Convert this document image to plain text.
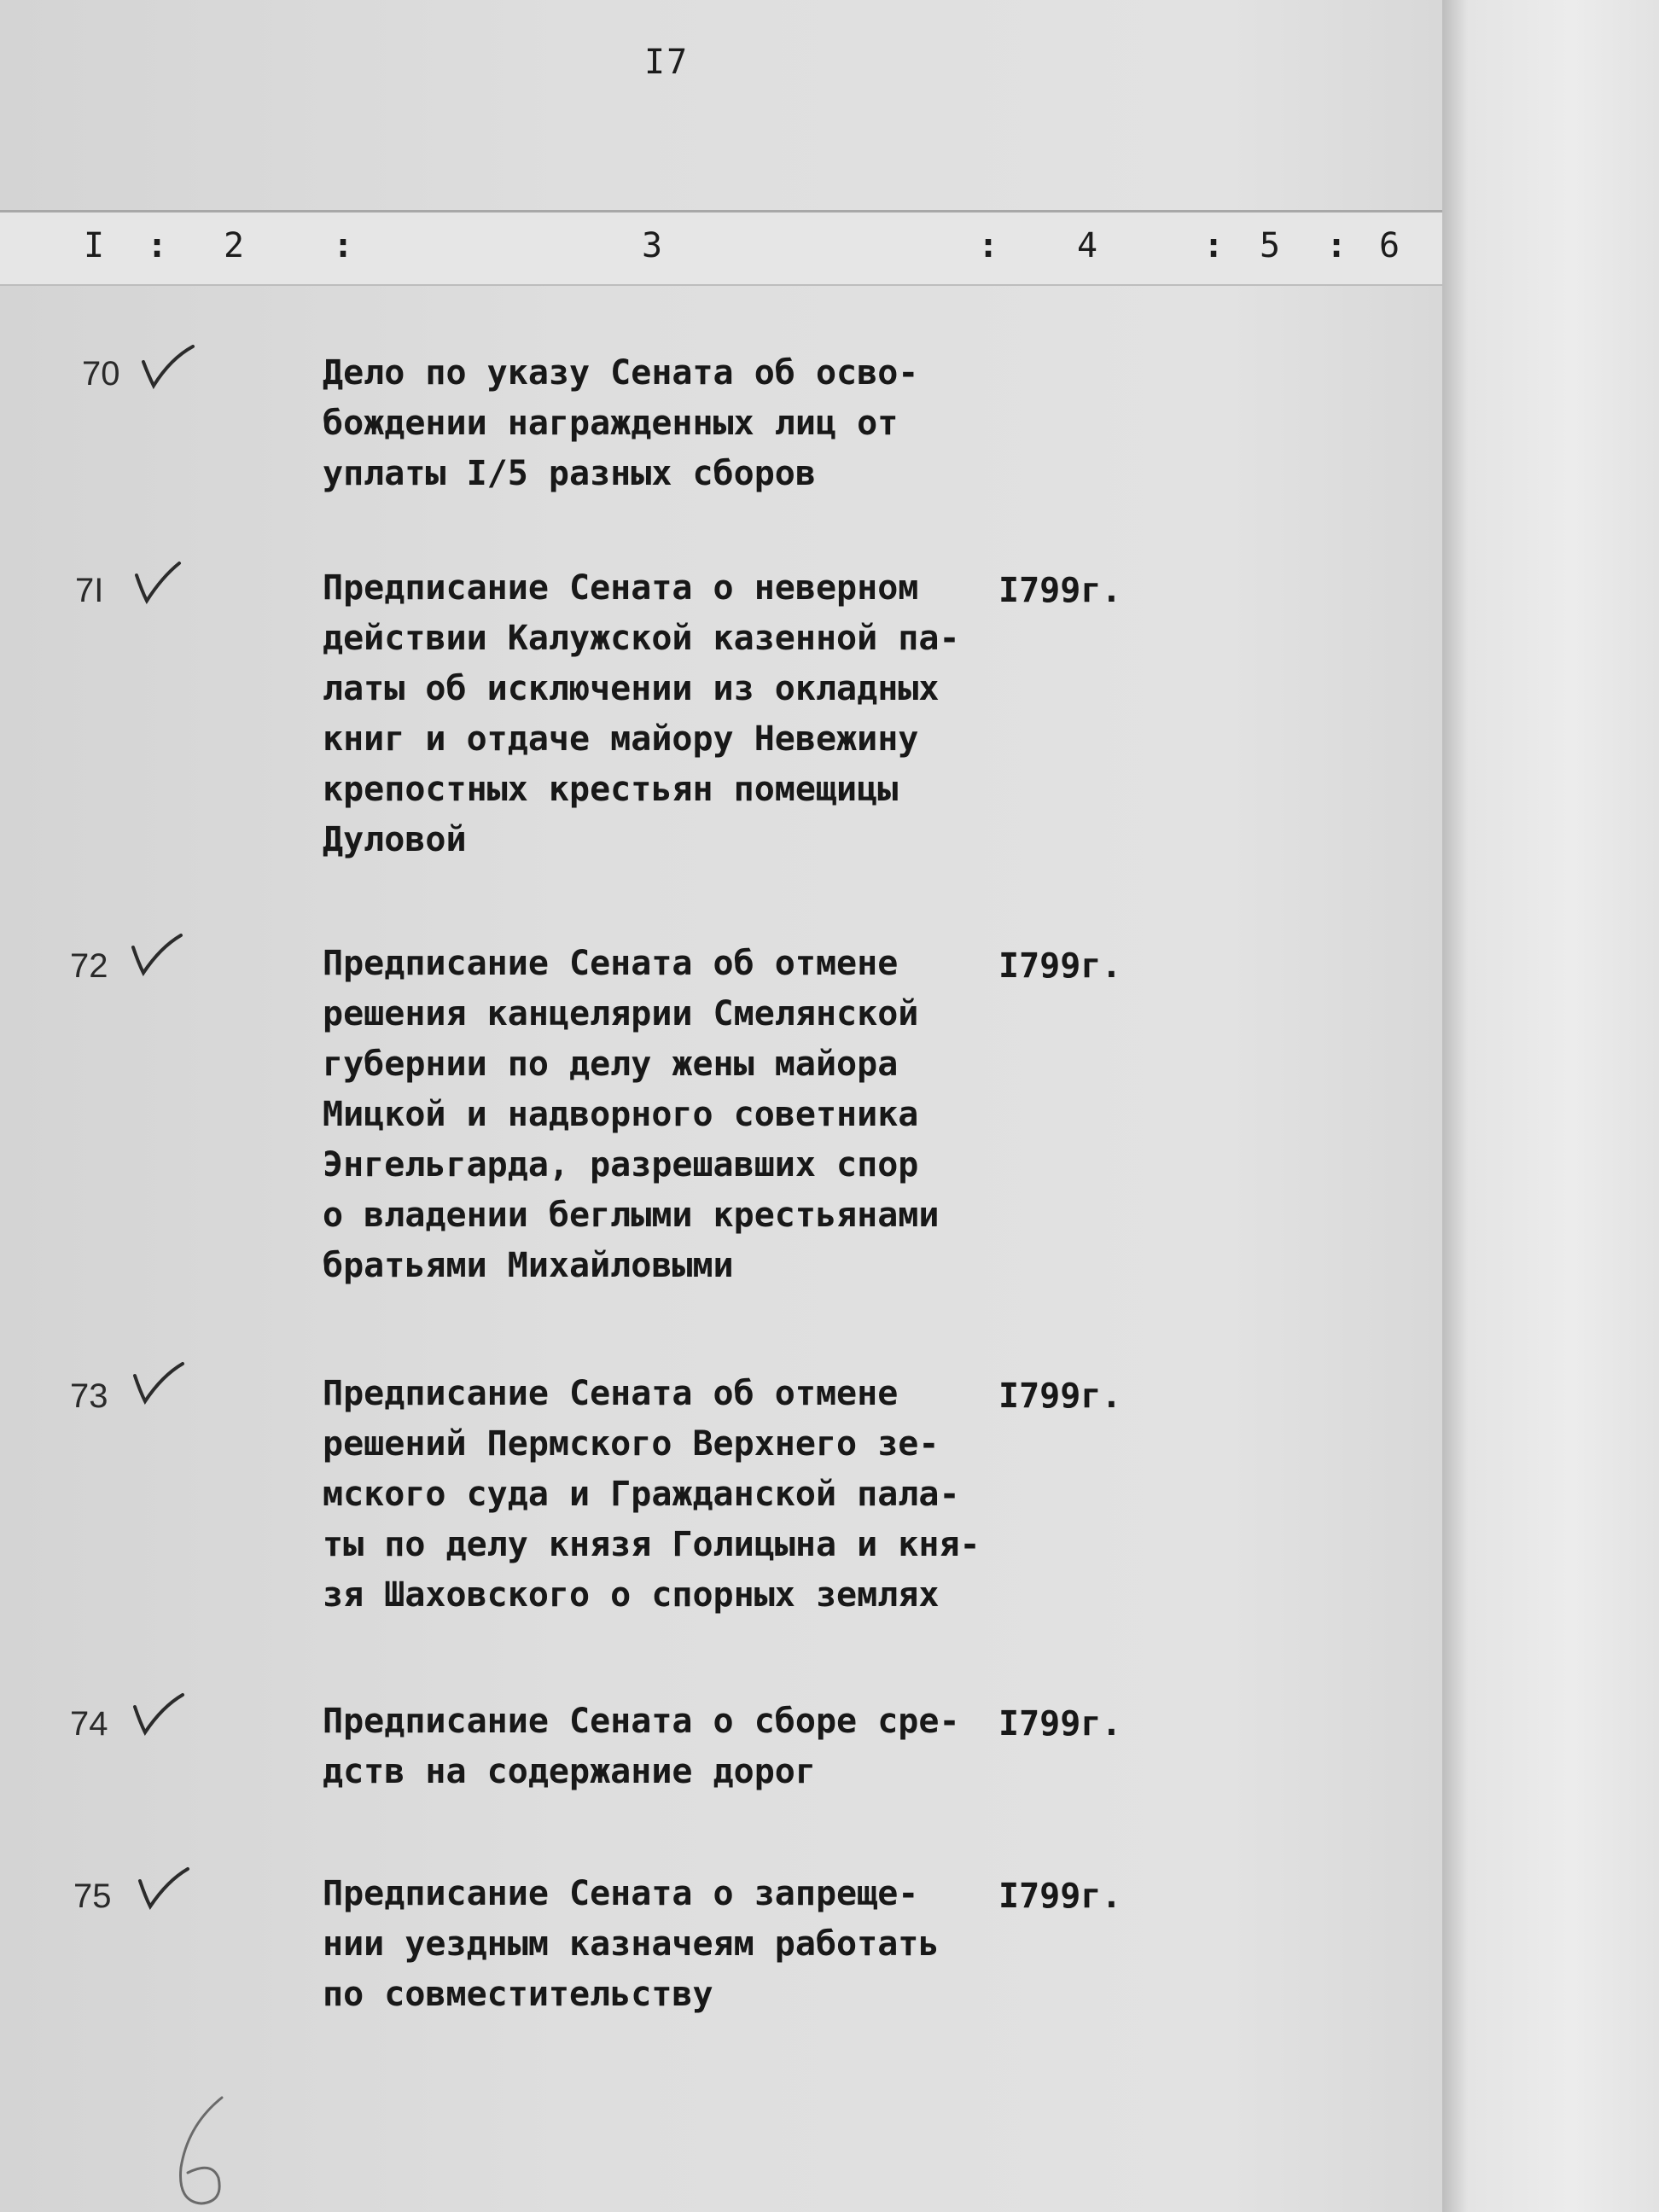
I7
I : 2	:	3	: 4	: 5 : 6
70	Дело по указу Сената об осво-
бождении награжденных лиц от
уплаты I/5 разных сборов
7I	Предписание Сената о неверном
действии Калужской казенной па-
латы об исключении из окладных
книг и отдаче майору Невежину
крепостных крестьян помещицы
Дуловой
I799г.
72	Предписание Сената об отмене
решения канцелярии Смелянской
губернии по делу жены майора
Мицкой и надворного советника
Энгельгарда, разрешавших спор
о владении беглыми крестьянами
братьями Михайловыми
I799г.
73	Предписание Сената об отмене
решений Пермского Верхнего зе-
мского суда и Гражданской пала-
ты по делу князя Голицына и кня-
зя Шаховского о спорных землях
I799г.
74	Предписание Сената о сборе сре-
дств на содержание дорог
I799г.
75	Предписание Сената о запреще-
нии уездным казначеям работать
по совместительству
I799г.
